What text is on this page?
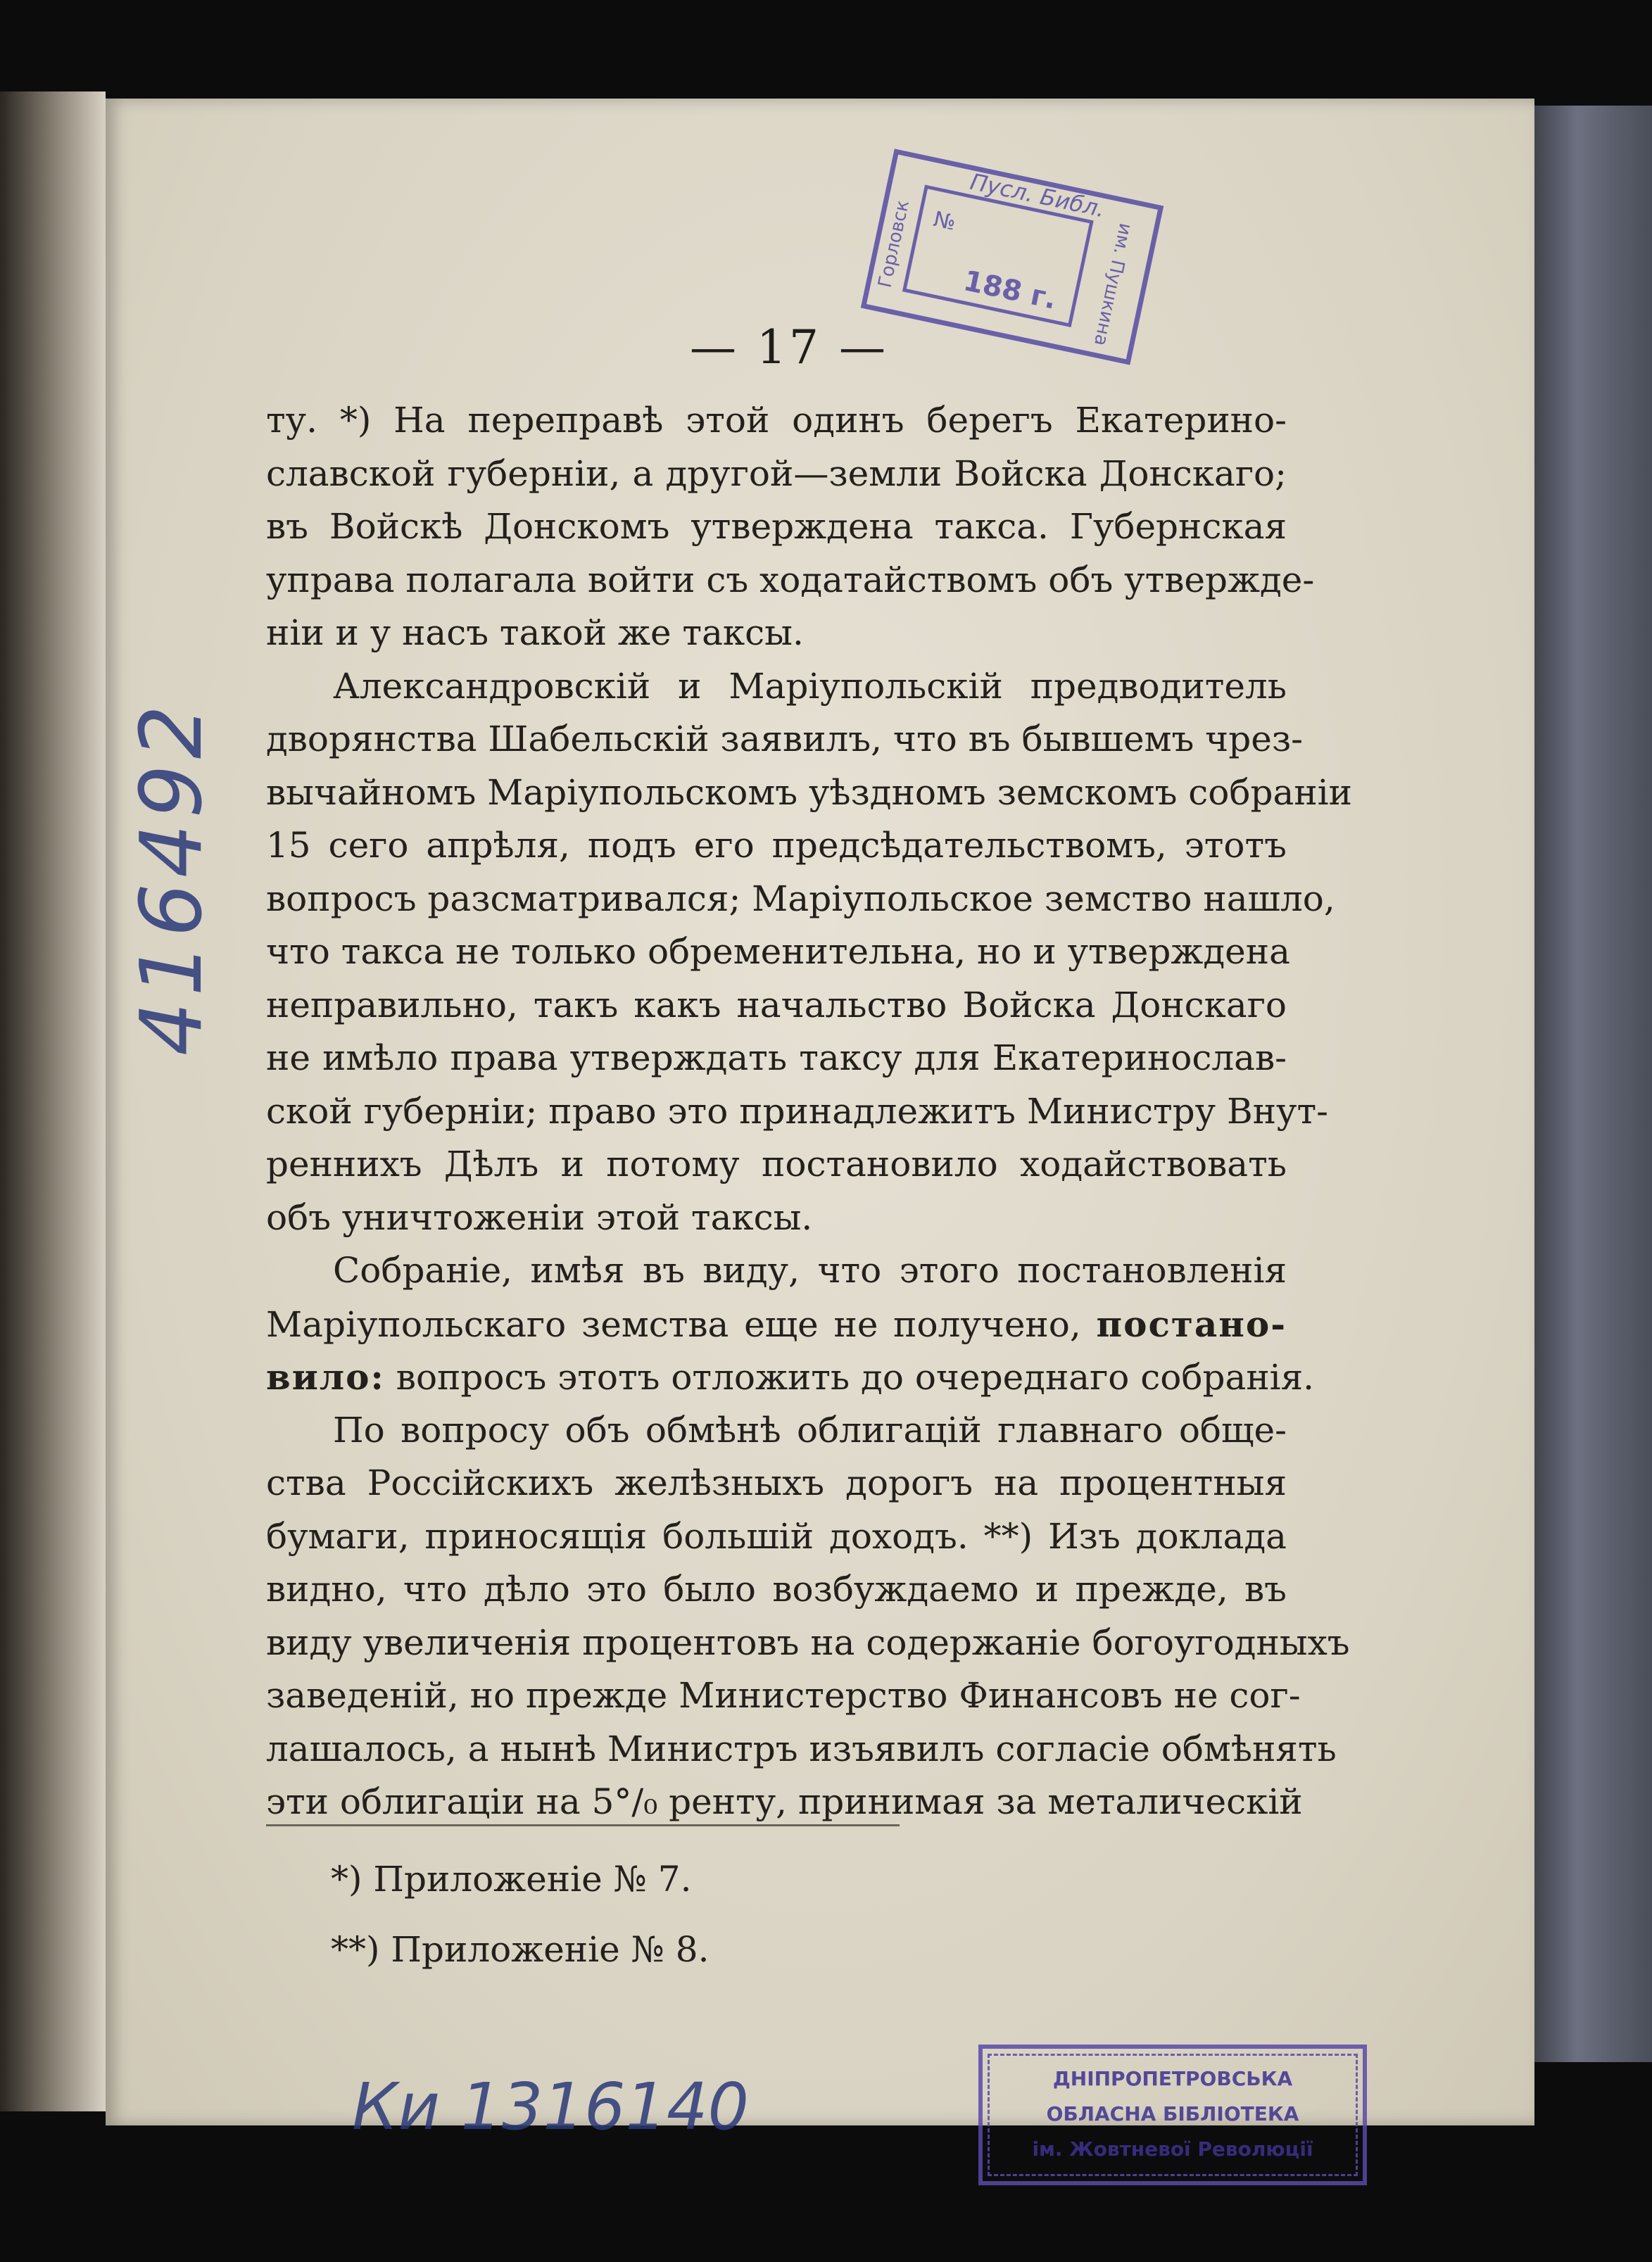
— 17 —
Пусл. Библ.
Горловск №
188 г. им. Пушкина
ту. *) На переправѣ этой одинъ берегъ Екатерино-
славской губерніи, а другой—земли Войска Донскаго;
въ Войскѣ Донскомъ утверждена такса. Губернская
управа полагала войти съ ходатайствомъ объ утвержде-
ніи и у насъ такой же таксы.
Александровскій и Маріупольскій предводитель
дворянства Шабельскій заявилъ, что въ бывшемъ чрез-
вычайномъ Маріупольскомъ уѣздномъ земскомъ собраніи
15 сего апрѣля, подъ его предсѣдательствомъ, этотъ
вопросъ разсматривался; Маріупольское земство нашло,
что такса не только обременительна, но и утверждена
неправильно, такъ какъ начальство Войска Донскаго
не имѣло права утверждать таксу для Екатеринослав-
ской губерніи; право это принадлежитъ Министру Внут-
реннихъ Дѣлъ и потому постановило ходайствовать
объ уничтоженіи этой таксы.
Собраніе, имѣя въ виду, что этого постановленія
Маріупольскаго земства еще не получено, постано-
вило: вопросъ этотъ отложить до очереднаго собранія.
По вопросу объ обмѣнѣ облигацій главнаго обще-
ства Россійскихъ желѣзныхъ дорогъ на процентныя
бумаги, приносящія большій доходъ. **) Изъ доклада
видно, что дѣло это было возбуждаемо и прежде, въ
виду увеличенія процентовъ на содержаніе богоугодныхъ
заведеній, но прежде Министерство Финансовъ не сог-
лашалось, а нынѣ Министръ изъявилъ согласіе обмѣнять
эти облигаціи на 5°/₀ ренту, принимая за металическій
*) Приложеніе № 7.
**) Приложеніе № 8.
416492
Ки 1316140	ДНІПРОПЕТРОВСЬКА
ОБЛАСНА БІБЛІОТЕКА
ім. Жовтневої Революції
